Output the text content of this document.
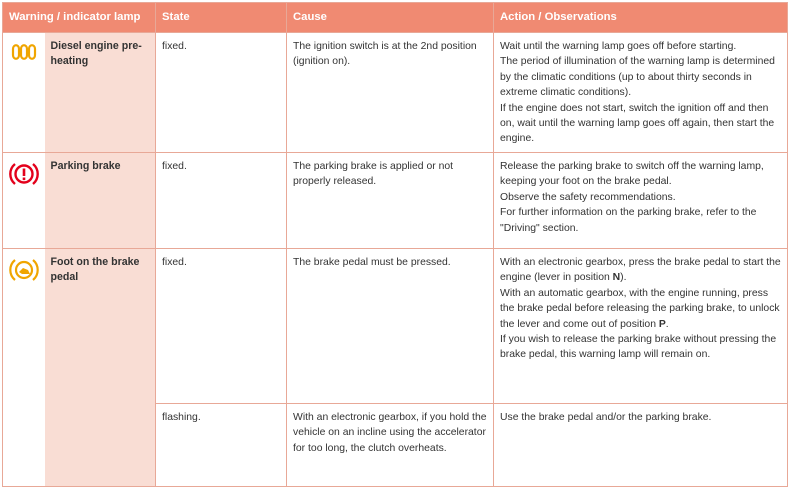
Warning / indicator lamp		State	Cause	Action / Observations

	Diesel engine pre-heating	fixed.	The ignition switch is at the 2nd position (ignition on).	Wait until the warning lamp goes off before starting.

The period of illumination of the warning lamp is determined by the climatic conditions (up to about thirty seconds in extreme climatic conditions).

If the engine does not start, switch the ignition off and then on, wait until the warning lamp goes off again, then start the engine.

	Parking brake	fixed.	The parking brake is applied or not properly released.	Release the parking brake to switch off the warning lamp, keeping your foot on the brake pedal.

Observe the safety recommendations.

For further information on the parking brake, refer to the "Driving" section.

	Foot on the brake pedal	fixed.	The brake pedal must be pressed.	With an electronic gearbox, press the brake pedal to start the engine (lever in position N).

With an automatic gearbox, with the engine running, press the brake pedal before releasing the parking brake, to unlock the lever and come out of position P.

If you wish to release the parking brake without pressing the brake pedal, this warning lamp will remain on.

		flashing.	With an electronic gearbox, if you hold the vehicle on an incline using the accelerator for too long, the clutch overheats.	Use the brake pedal and/or the parking brake.
